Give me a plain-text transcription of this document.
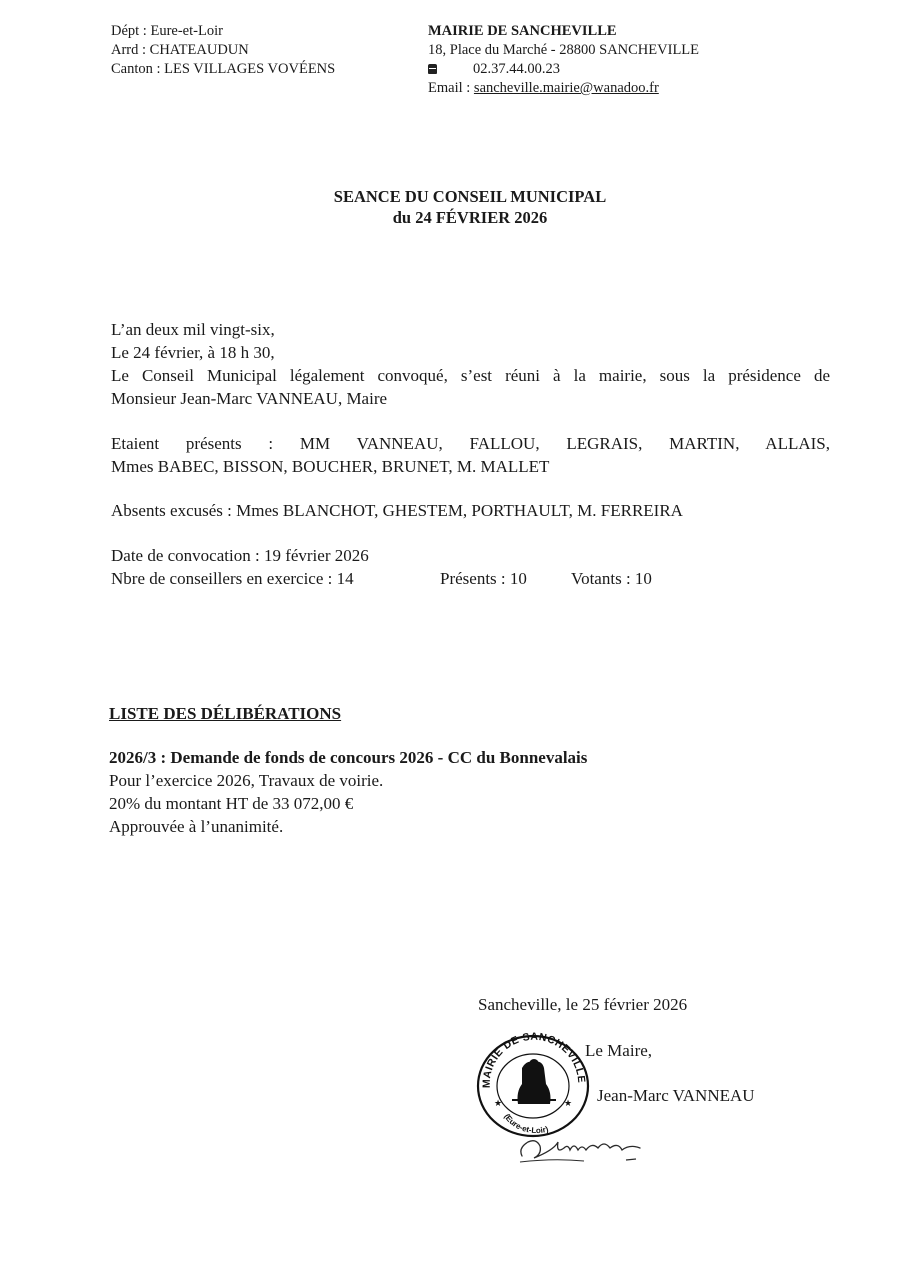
Dépt : Eure-et-Loir
Arrd : CHATEAUDUN
Canton : LES VILLAGES VOVÉENS
MAIRIE DE SANCHEVILLE
18, Place du Marché - 28800 SANCHEVILLE
02.37.44.00.23
Email : sancheville.mairie@wanadoo.fr
SEANCE DU CONSEIL MUNICIPAL
du 24 FÉVRIER 2026
L’an deux mil vingt-six,
Le 24 février, à 18 h 30,
Le Conseil Municipal légalement convoqué, s’est réuni à la mairie, sous la présidence de
Monsieur Jean-Marc VANNEAU, Maire
Etaient présents : MM VANNEAU, FALLOU, LEGRAIS, MARTIN, ALLAIS,
Mmes BABEC, BISSON, BOUCHER, BRUNET, M. MALLET
Absents excusés : Mmes BLANCHOT, GHESTEM, PORTHAULT, M. FERREIRA
Date de convocation : 19 février 2026
Nbre de conseillers en exercice : 14	Présents : 10	Votants : 10
LISTE DES DÉLIBÉRATIONS
2026/3 : Demande de fonds de concours 2026 - CC du Bonnevalais
Pour l’exercice 2026, Travaux de voirie.
20% du montant HT de 33 072,00 €
Approuvée à l’unanimité.
Sancheville, le 25 février 2026
Le Maire,
Jean-Marc VANNEAU
MAIRIE DE SANCHEVILLE
(Eure-et-Loir)
★	★
